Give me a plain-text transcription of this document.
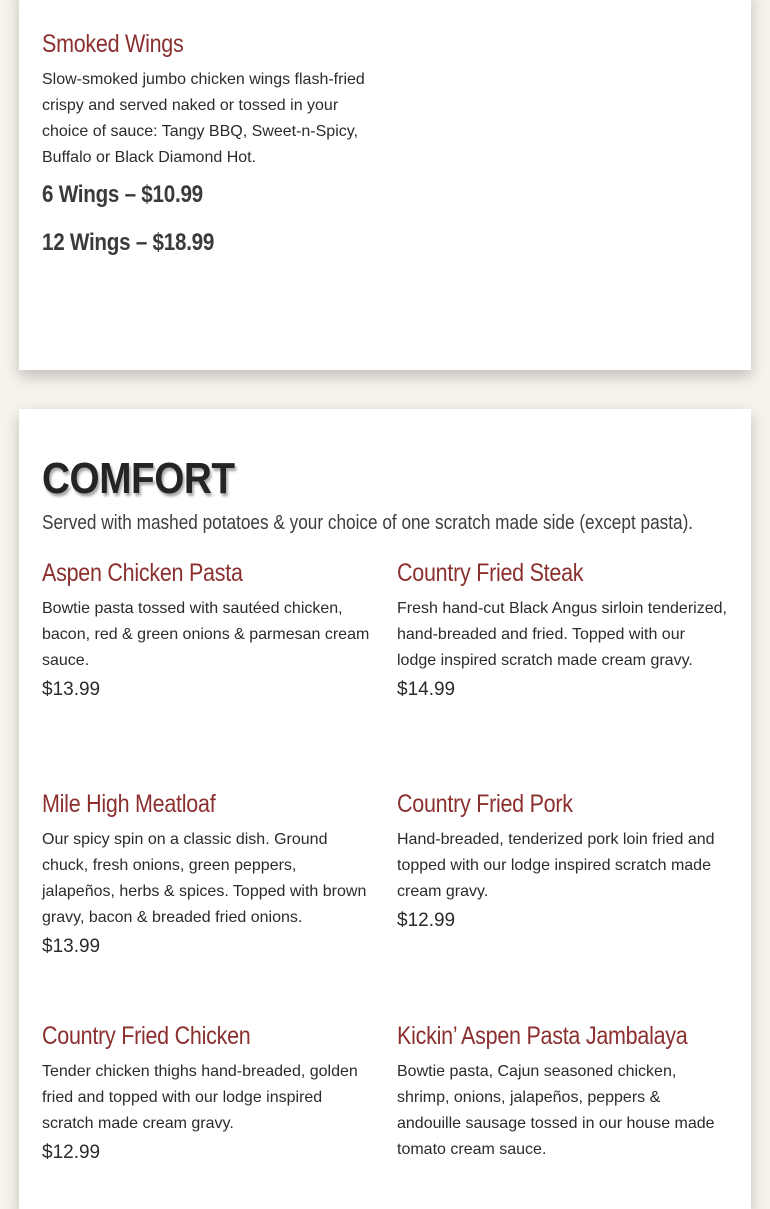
Smoked Wings

Slow-smoked jumbo chicken wings flash-fried crispy and served naked or tossed in your choice of sauce: Tangy BBQ, Sweet-n-Spicy, Buffalo or Black Diamond Hot.

6 Wings – $10.99
12 Wings – $18.99
COMFORT

Served with mashed potatoes & your choice of one scratch made side (except pasta).

Aspen Chicken Pasta

Bowtie pasta tossed with sautéed chicken, bacon, red & green onions & parmesan cream sauce.

$13.99

Country Fried Steak

Fresh hand-cut Black Angus sirloin tenderized, hand-breaded and fried. Topped with our lodge inspired scratch made cream gravy.

$14.99

Mile High Meatloaf

Our spicy spin on a classic dish. Ground chuck, fresh onions, green peppers, jalapeños, herbs & spices. Topped with brown gravy, bacon & breaded fried onions.

$13.99

Country Fried Pork

Hand-breaded, tenderized pork loin fried and topped with our lodge inspired scratch made cream gravy.

$12.99

Country Fried Chicken

Tender chicken thighs hand-breaded, golden fried and topped with our lodge inspired scratch made cream gravy.

$12.99

Kickin’ Aspen Pasta Jambalaya

Bowtie pasta, Cajun seasoned chicken, shrimp, onions, jalapeños, peppers & andouille sausage tossed in our house made tomato cream sauce.
